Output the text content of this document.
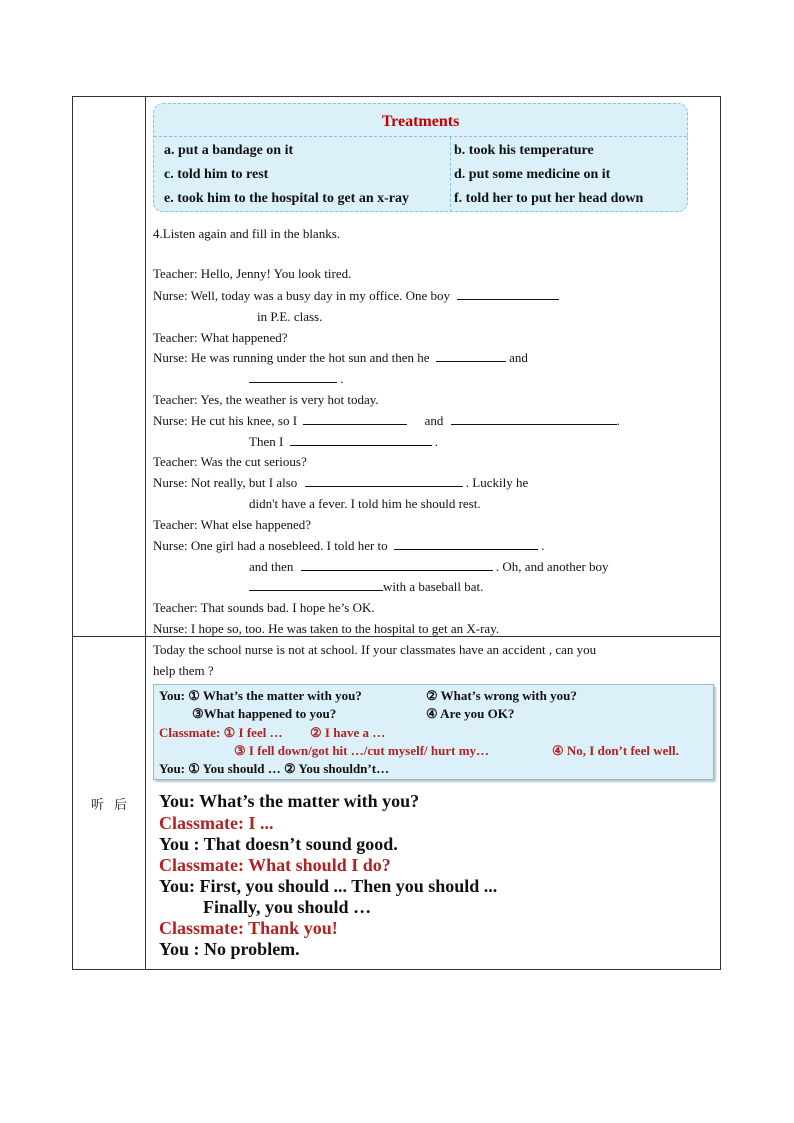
听后
Treatments
a. put a bandage on it	b. took his temperature
c. told him to rest	d. put some medicine on it
e. took him to the hospital to get an x-ray	f. told her to put her head down
4.Listen again and fill in the blanks.
Teacher: Hello, Jenny! You look tired.
Nurse: Well, today was a busy day in my office. One boy
in P.E. class.
Teacher: What happened?
Nurse: He was running under the hot sun and then he	and
.
Teacher: Yes, the weather is very hot today.
Nurse: He cut his knee, so I	and	.
Then I	.
Teacher: Was the cut serious?
Nurse: Not really, but I also	. Luckily he
didn't have a fever. I told him he should rest.
Teacher: What else happened?
Nurse: One girl had a nosebleed. I told her to	.
and then	. Oh, and another boy
with a baseball bat.
Teacher: That sounds bad. I hope he’s OK.
Nurse: I hope so, too. He was taken to the hospital to get an X-ray.
Today the school nurse is not at school. If your classmates have an accident , can you
help them ?
You: ① What’s the matter with you?	② What’s wrong with you?
③What happened to you?	④ Are you OK?
Classmate: ① I feel … ② I have a …
③ I fell down/got hit …/cut myself/ hurt my…	④ No, I don’t feel well.
You: ① You should … ② You shouldn’t…
You: What’s the matter with you?
Classmate: I ...
You : That doesn’t sound good.
Classmate: What should I do?
You: First, you should ... Then you should ...
Finally, you should …
Classmate: Thank you!
You : No problem.
